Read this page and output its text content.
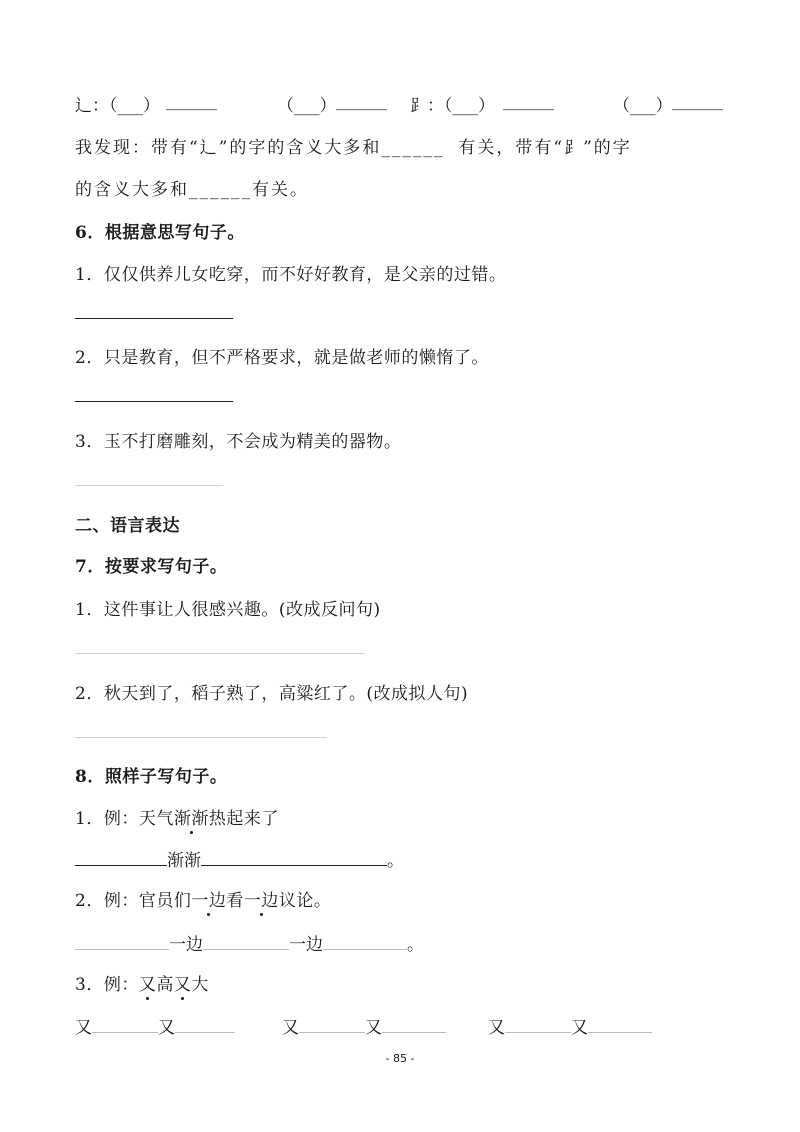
辶：（___） ______	（___） ______ ⻊：（___） ______	（___） ______
我发现：带有“辶”的字的含义大多和______ 有关，带有“⻊”的字
的含义大多和______有关。
6．根据意思写句子。
1．仅仅供养儿女吃穿，而不好好教育，是父亲的过错。
2．只是教育，但不严格要求，就是做老师的懒惰了。
3．玉不打磨雕刻，不会成为精美的器物。
二、语言表达
7．按要求写句子。
1．这件事让人很感兴趣。(改成反问句)
2．秋天到了，稻子熟了，高粱红了。(改成拟人句)
8．照样子写句子。
1．例：天气渐渐热起来了
渐渐	。
2．例：官员们一边看一边议论。
一边	一边	。
3．例：又高又大
又	又	又	又	又	又
- 85 -
